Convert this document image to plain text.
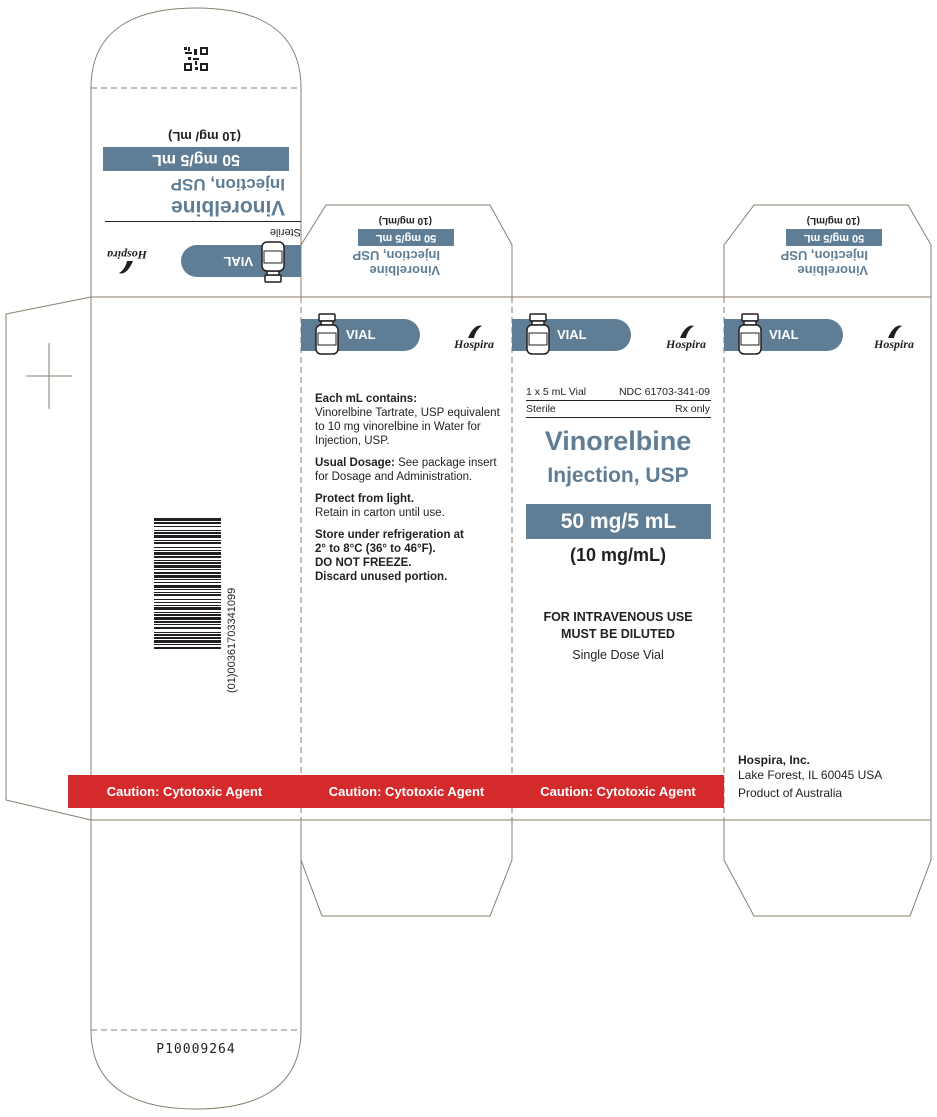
VIAL
Hospira
Sterile
Vinorelbine
Injection, USP
50 mg/5 mL
(10 mg/ mL)
Vinorelbine
Injection, USP
50 mg/5 mL
(10 mg/mL)
Vinorelbine
Injection, USP
50 mg/5 mL
(10 mg/mL)
(01)00361703341099
VIAL
Hospira

Each mL contains:
Vinorelbine Tartrate, USP equivalent to 10 mg vinorelbine in Water for Injection, USP.

Usual Dosage: See package insert for Dosage and Administration.

Protect from light.
Retain in carton until use.

Store under refrigeration at
2° to 8°C (36° to 46°F).
DO NOT FREEZE.
Discard unused portion.

VIAL
Hospira
1 x 5 mL Vial	NDC 61703-341-09
Sterile	Rx only
Vinorelbine
Injection, USP
50 mg/5 mL
(10 mg/mL)
FOR INTRAVENOUS USE
MUST BE DILUTED
Single Dose Vial
VIAL
Hospira
Hospira, Inc.
Lake Forest, IL 60045 USA
Product of Australia
Caution: Cytotoxic Agent	Caution: Cytotoxic Agent	Caution: Cytotoxic Agent
P10009264
